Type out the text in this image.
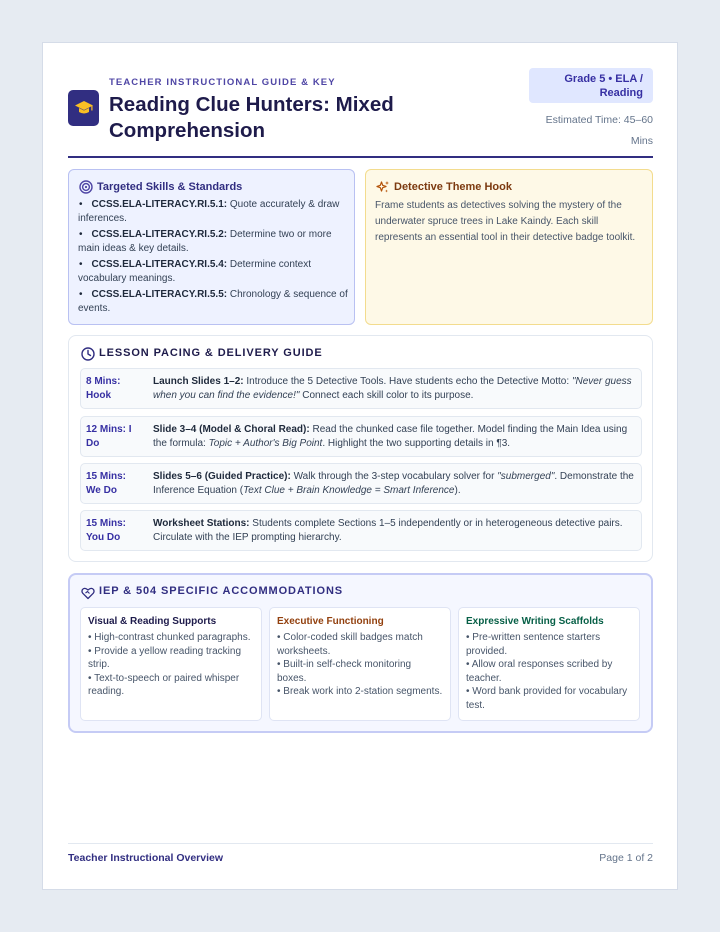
TEACHER INSTRUCTIONAL GUIDE & KEY
Reading Clue Hunters: Mixed Comprehension
Grade 5 • ELA / Reading
Estimated Time: 45–60 Mins
Targeted Skills & Standards
• CCSS.ELA-LITERACY.RI.5.1: Quote accurately & draw inferences.
• CCSS.ELA-LITERACY.RI.5.2: Determine two or more main ideas & key details.
• CCSS.ELA-LITERACY.RI.5.4: Determine context vocabulary meanings.
• CCSS.ELA-LITERACY.RI.5.5: Chronology & sequence of events.
Detective Theme Hook
Frame students as detectives solving the mystery of the underwater spruce trees in Lake Kaindy. Each skill represents an essential tool in their detective badge toolkit.
LESSON PACING & DELIVERY GUIDE
8 Mins: Hook
Launch Slides 1–2: Introduce the 5 Detective Tools. Have students echo the Detective Motto: "Never guess when you can find the evidence!" Connect each skill color to its purpose.
12 Mins: I Do
Slide 3–4 (Model & Choral Read): Read the chunked case file together. Model finding the Main Idea using the formula: Topic + Author's Big Point. Highlight the two supporting details in ¶3.
15 Mins: We Do
Slides 5–6 (Guided Practice): Walk through the 3-step vocabulary solver for "submerged". Demonstrate the Inference Equation (Text Clue + Brain Knowledge = Smart Inference).
15 Mins: You Do
Worksheet Stations: Students complete Sections 1–5 independently or in heterogeneous detective pairs. Circulate with the IEP prompting hierarchy.
IEP & 504 SPECIFIC ACCOMMODATIONS
Visual & Reading Supports
• High-contrast chunked paragraphs.
• Provide a yellow reading tracking strip.
• Text-to-speech or paired whisper reading.
Executive Functioning
• Color-coded skill badges match worksheets.
• Built-in self-check monitoring boxes.
• Break work into 2-station segments.
Expressive Writing Scaffolds
• Pre-written sentence starters provided.
• Allow oral responses scribed by teacher.
• Word bank provided for vocabulary test.
Teacher Instructional Overview	Page 1 of 2
